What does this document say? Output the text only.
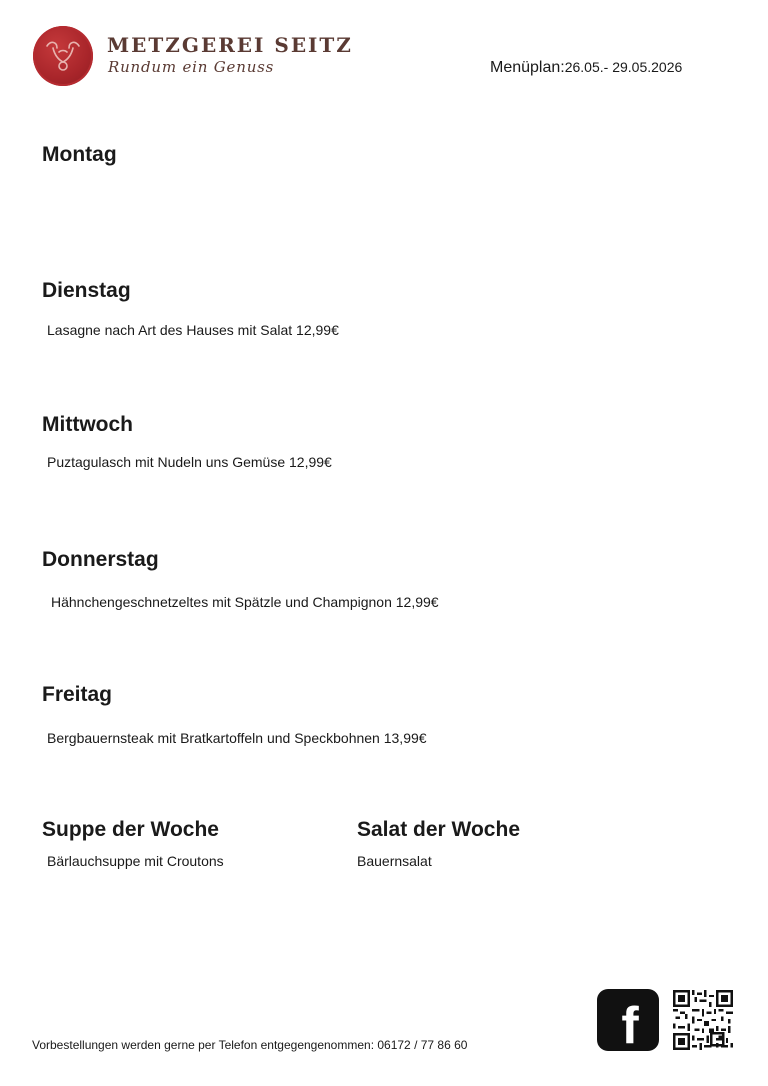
METZGEREI SEITZ
Rundum ein Genuss	Menüplan:26.05.- 29.05.2026
Montag
Dienstag
Lasagne nach Art des Hauses mit Salat 12,99€
Mittwoch
Puztagulasch mit Nudeln uns Gemüse 12,99€
Donnerstag
Hähnchengeschnetzeltes mit Spätzle und Champignon 12,99€
Freitag
Bergbauernsteak mit Bratkartoffeln und Speckbohnen 13,99€
Suppe der Woche
Bärlauchsuppe mit Croutons
Salat der Woche
Bauernsalat
Vorbestellungen werden gerne per Telefon entgegengenommen: 06172 / 77 86 60	f
